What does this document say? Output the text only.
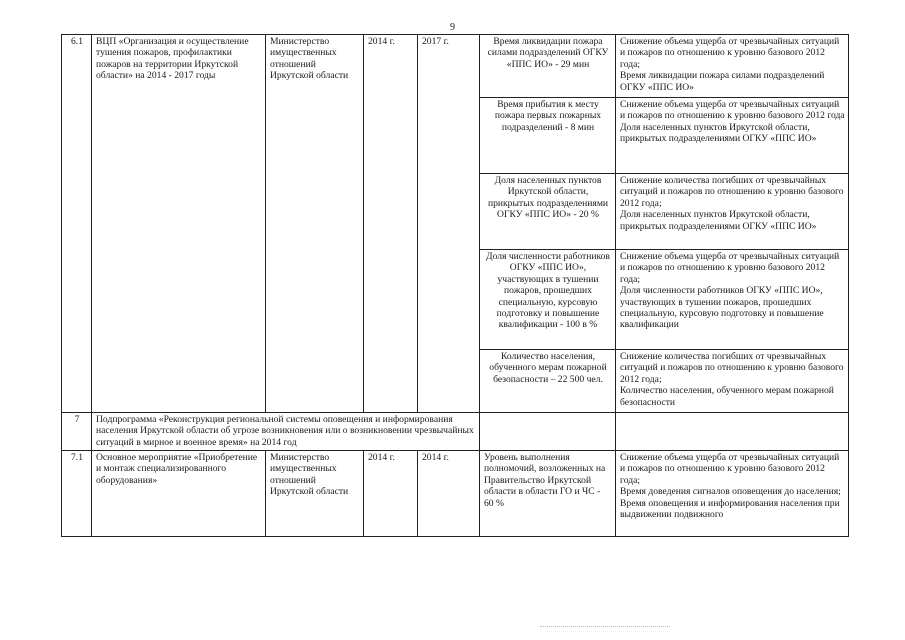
9
6.1	ВЦП «Организация и осуществление тушения пожаров, профилактики пожаров на территории Иркутской области» на 2014 - 2017 годы	Министерство имущественных отношений Иркутской области	2014 г.	2017 г.	Время ликвидации пожара силами подразделений ОГКУ «ППС ИО» - 29 мин	Снижение объема ущерба от чрезвычайных ситуаций и пожаров по отношению к уровню базового 2012 года;
Время ликвидации пожара силами подразделений ОГКУ «ППС ИО»

					Время прибытия к месту пожара первых пожарных подразделений - 8 мин	Снижение объема ущерба от чрезвычайных ситуаций и пожаров по отношению к уровню базового 2012 года
Доля населенных пунктов Иркутской области, прикрытых подразделениями ОГКУ «ППС ИО»

					Доля населенных пунктов Иркутской области, прикрытых подразделениями ОГКУ «ППС ИО» - 20 %	Снижение количества погибших от чрезвычайных ситуаций и пожаров по отношению к уровню базового 2012 года;
Доля населенных пунктов Иркутской области, прикрытых подразделениями ОГКУ «ППС ИО»

					Доля численности работников ОГКУ «ППС ИО», участвующих в тушении пожаров, прошедших специальную, курсовую подготовку и повышение квалификации - 100 в %	Снижение объема ущерба от чрезвычайных ситуаций и пожаров по отношению к уровню базового 2012 года;
Доля численности работников ОГКУ «ППС ИО», участвующих в тушении пожаров, прошедших специальную, курсовую подготовку и повышение квалификации

					Количество населения, обученного мерам пожарной безопасности – 22 500 чел.	Снижение количества погибших от чрезвычайных ситуаций и пожаров по отношению к уровню базового 2012 года;
Количество населения, обученного мерам пожарной безопасности

7	Подпрограмма «Реконструкция региональной системы оповещения и информирования населения Иркутской области об угрозе возникновения или о возникновении чрезвычайных ситуаций в мирное и военное время» на 2014 год					
7.1	Основное мероприятие «Приобретение и монтаж специализированного оборудования»	Министерство имущественных отношений Иркутской области	2014 г.	2014 г.	Уровень выполнения полномочий, возложенных на Правительство Иркутской области в области ГО и ЧС - 60 %	Снижение объема ущерба от чрезвычайных ситуаций и пожаров по отношению к уровню базового 2012 года;
Время доведения сигналов оповещения до населения;
Время оповещения и информирования населения при выдвижении подвижного
